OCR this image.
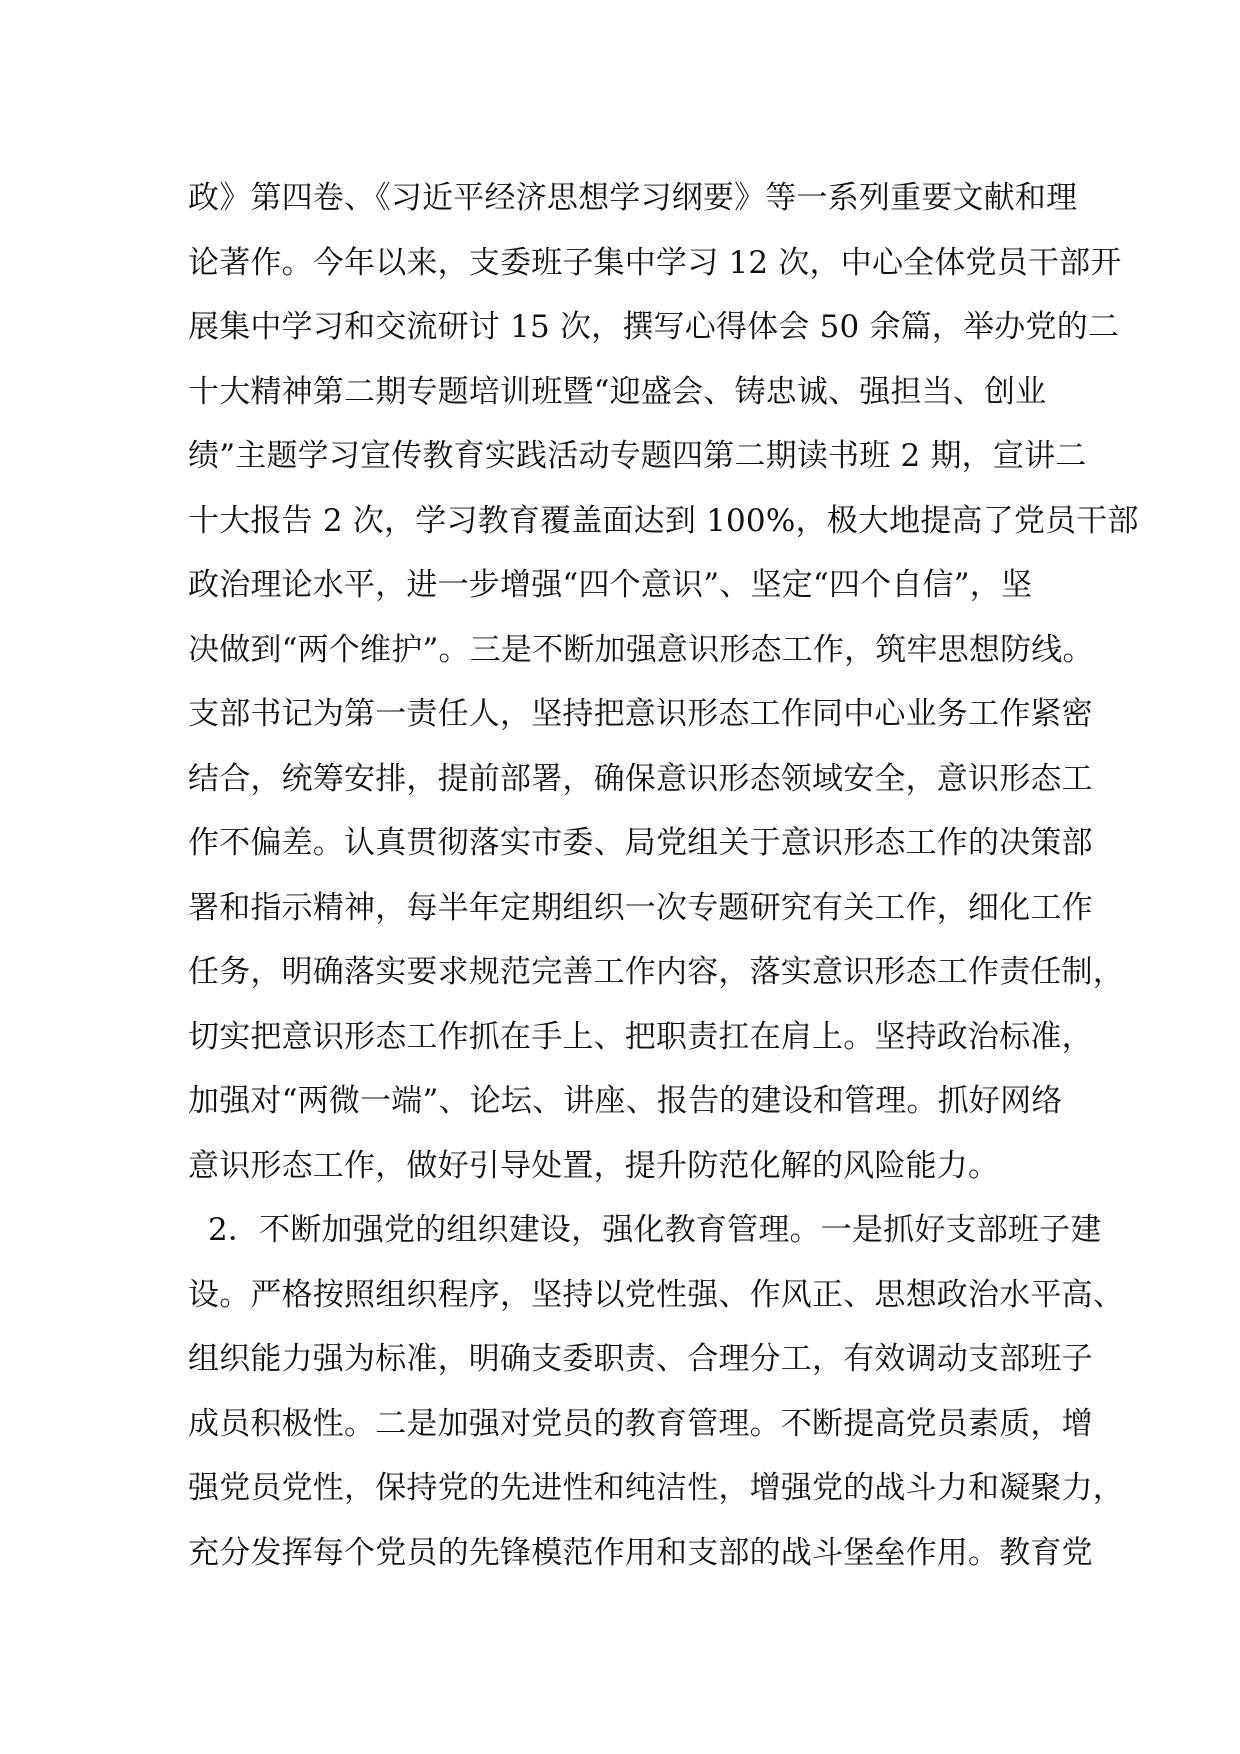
政》第四卷、《习近平经济思想学习纲要》等一系列重要文献和理
论著作。今年以来，支委班子集中学习 12 次，中心全体党员干部开
展集中学习和交流研讨 15 次，撰写心得体会 50 余篇，举办党的二
十大精神第二期专题培训班暨“迎盛会、铸忠诚、强担当、创业
绩”主题学习宣传教育实践活动专题四第二期读书班 2 期，宣讲二
十大报告 2 次，学习教育覆盖面达到 100%，极大地提高了党员干部
政治理论水平，进一步增强“四个意识”、坚定“四个自信”，坚
决做到“两个维护”。三是不断加强意识形态工作，筑牢思想防线。
支部书记为第一责任人，坚持把意识形态工作同中心业务工作紧密
结合，统筹安排，提前部署，确保意识形态领域安全，意识形态工
作不偏差。认真贯彻落实市委、局党组关于意识形态工作的决策部
署和指示精神，每半年定期组织一次专题研究有关工作，细化工作
任务，明确落实要求规范完善工作内容，落实意识形态工作责任制，
切实把意识形态工作抓在手上、把职责扛在肩上。坚持政治标准，
加强对“两微一端”、论坛、讲座、报告的建设和管理。抓好网络
意识形态工作，做好引导处置，提升防范化解的风险能力。
2．不断加强党的组织建设，强化教育管理。一是抓好支部班子建
设。严格按照组织程序，坚持以党性强、作风正、思想政治水平高、
组织能力强为标准，明确支委职责、合理分工，有效调动支部班子
成员积极性。二是加强对党员的教育管理。不断提高党员素质，增
强党员党性，保持党的先进性和纯洁性，增强党的战斗力和凝聚力，
充分发挥每个党员的先锋模范作用和支部的战斗堡垒作用。教育党
